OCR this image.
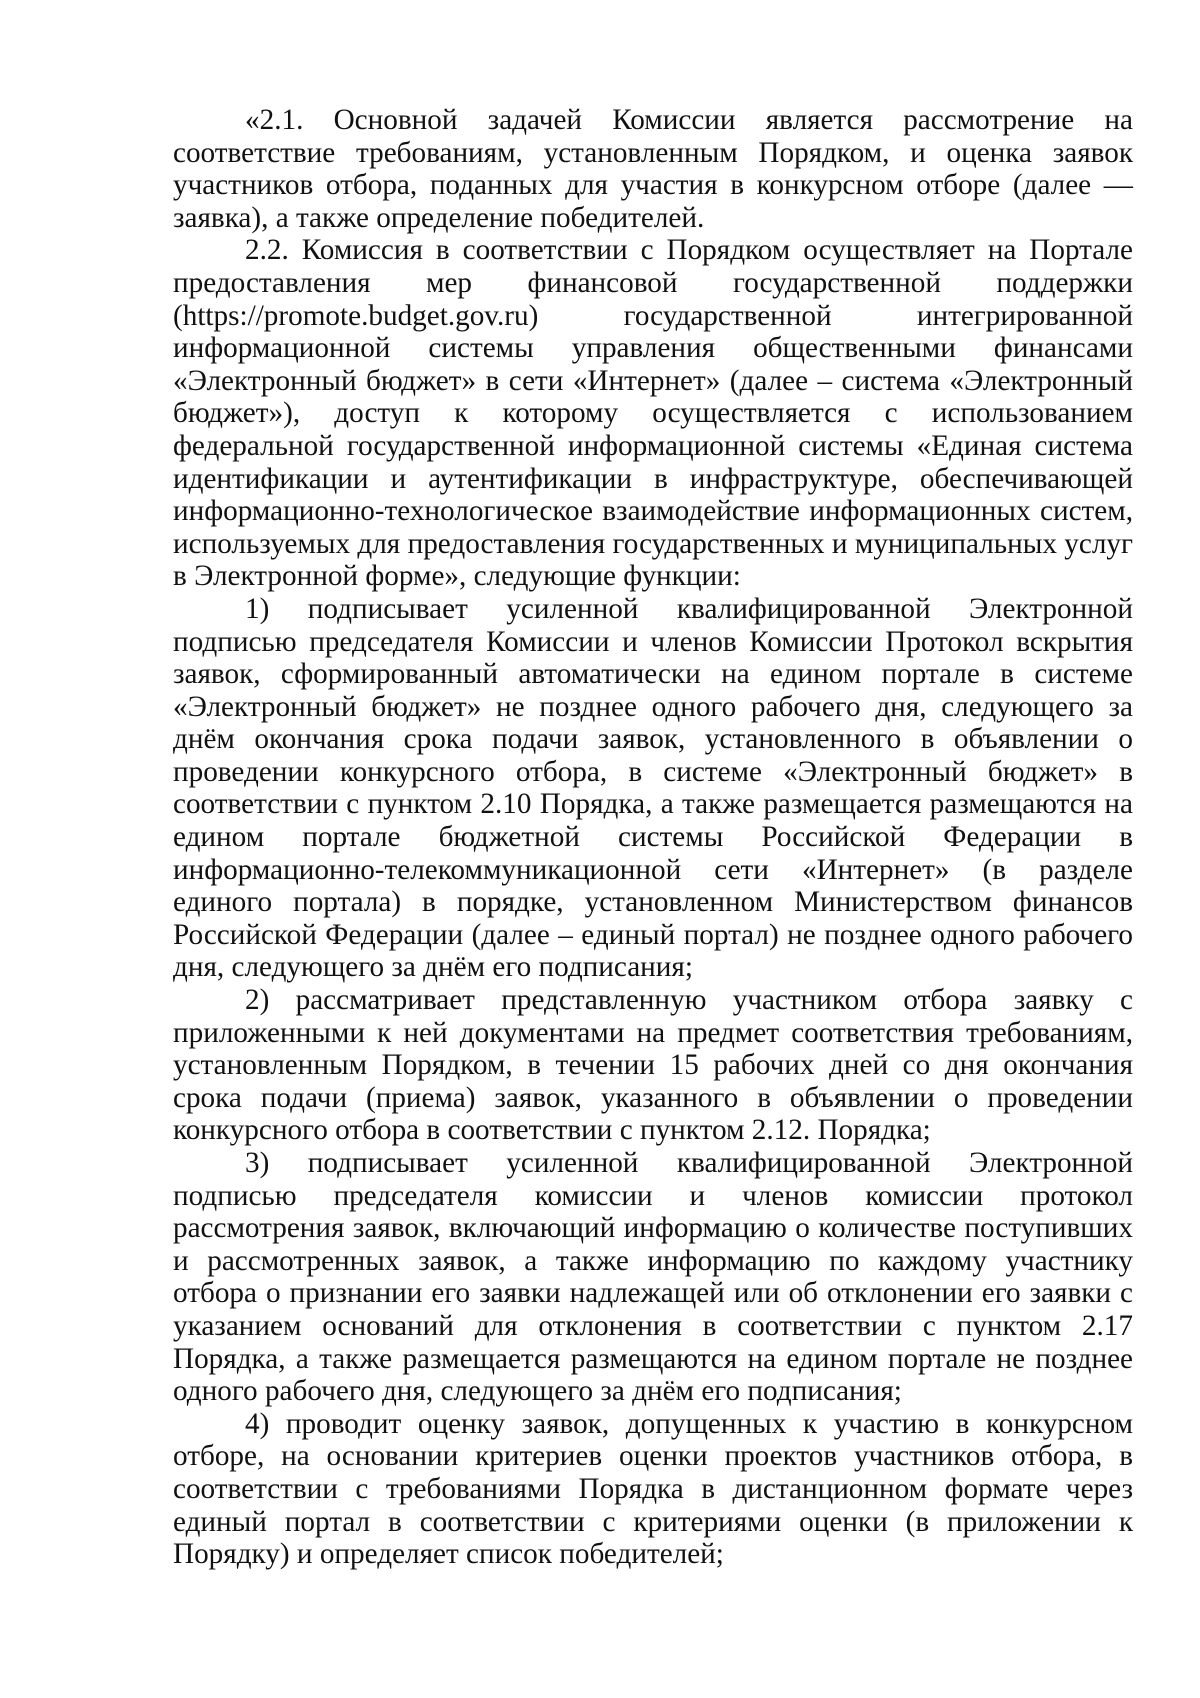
«2.1. Основной задачей Комиссии является рассмотрение на соответствие требованиям, установленным Порядком, и оценка заявок участников отбора, поданных для участия в конкурсном отборе (далее — заявка), а также определение победителей.

2.2. Комиссия в соответствии с Порядком осуществляет на Портале предоставления мер финансовой государственной поддержки (https://promote.budget.gov.ru) государственной интегрированной информационной системы управления общественными финансами «Электронный бюджет» в сети «Интернет» (далее – система «Электронный бюджет»), доступ к которому осуществляется с использованием федеральной государственной информационной системы «Единая система идентификации и аутентификации в инфраструктуре, обеспечивающей информационно-технологическое взаимодействие информационных систем, используемых для предоставления государственных и муниципальных услуг в Электронной форме», следующие функции:

1) подписывает усиленной квалифицированной Электронной подписью председателя Комиссии и членов Комиссии Протокол вскрытия заявок, сформированный автоматически на едином портале в системе «Электронный бюджет» не позднее одного рабочего дня, следующего за днём окончания срока подачи заявок, установленного в объявлении о проведении конкурсного отбора, в системе «Электронный бюджет» в соответствии с пунктом 2.10 Порядка, а также размещается размещаются на едином портале бюджетной системы Российской Федерации в информационно-телекоммуникационной сети «Интернет» (в разделе единого портала) в порядке, установленном Министерством финансов Российской Федерации (далее – единый портал) не позднее одного рабочего дня, следующего за днём его подписания;

2) рассматривает представленную участником отбора заявку с приложенными к ней документами на предмет соответствия требованиям, установленным Порядком, в течении 15 рабочих дней со дня окончания срока подачи (приема) заявок, указанного в объявлении о проведении конкурсного отбора в соответствии с пунктом 2.12. Порядка;

3) подписывает усиленной квалифицированной Электронной подписью председателя комиссии и членов комиссии протокол рассмотрения заявок, включающий информацию о количестве поступивших и рассмотренных заявок, а также информацию по каждому участнику отбора о признании его заявки надлежащей или об отклонении его заявки с указанием оснований для отклонения в соответствии с пунктом 2.17 Порядка, а также размещается размещаются на едином портале не позднее одного рабочего дня, следующего за днём его подписания;

4) проводит оценку заявок, допущенных к участию в конкурсном отборе, на основании критериев оценки проектов участников отбора, в соответствии с требованиями Порядка в дистанционном формате через единый портал в соответствии с критериями оценки (в приложении к Порядку) и определяет список победителей;
